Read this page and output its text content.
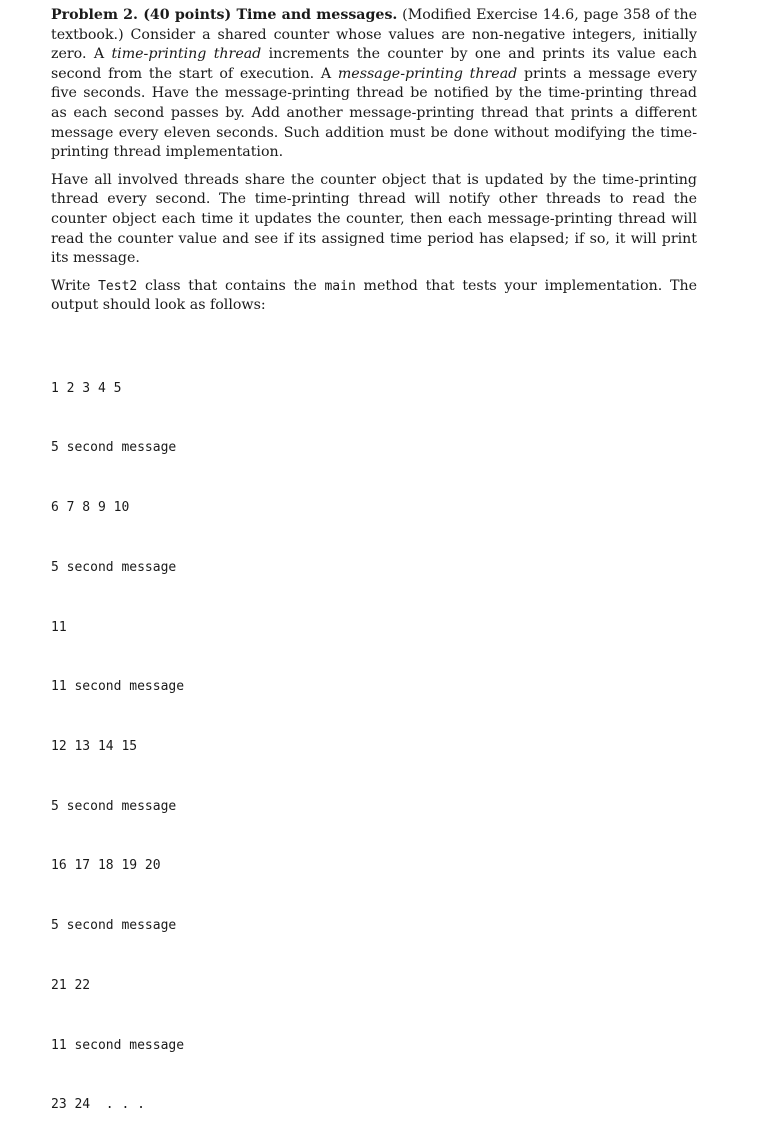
Problem 2. (40 points) Time and messages. (Modified Exercise 14.6, page 358 of the textbook.) Consider a shared counter whose values are non-negative integers, initially zero. A time-printing thread increments the counter by one and prints its value each second from the start of execution. A message-printing thread prints a message every five seconds. Have the message-printing thread be notified by the time-printing thread as each second passes by. Add another message-printing thread that prints a different message every eleven seconds. Such addition must be done without modifying the time-printing thread implementation.

Have all involved threads share the counter object that is updated by the time-printing thread every second. The time-printing thread will notify other threads to read the counter object each time it updates the counter, then each message-printing thread will read the counter value and see if its assigned time period has elapsed; if so, it will print its message.

Write Test2 class that contains the main method that tests your implementation. The output should look as follows:

1 2 3 4 5

5 second message

6 7 8 9 10

5 second message

11

11 second message

12 13 14 15

5 second message

16 17 18 19 20

5 second message

21 22

11 second message

23 24  . . .
